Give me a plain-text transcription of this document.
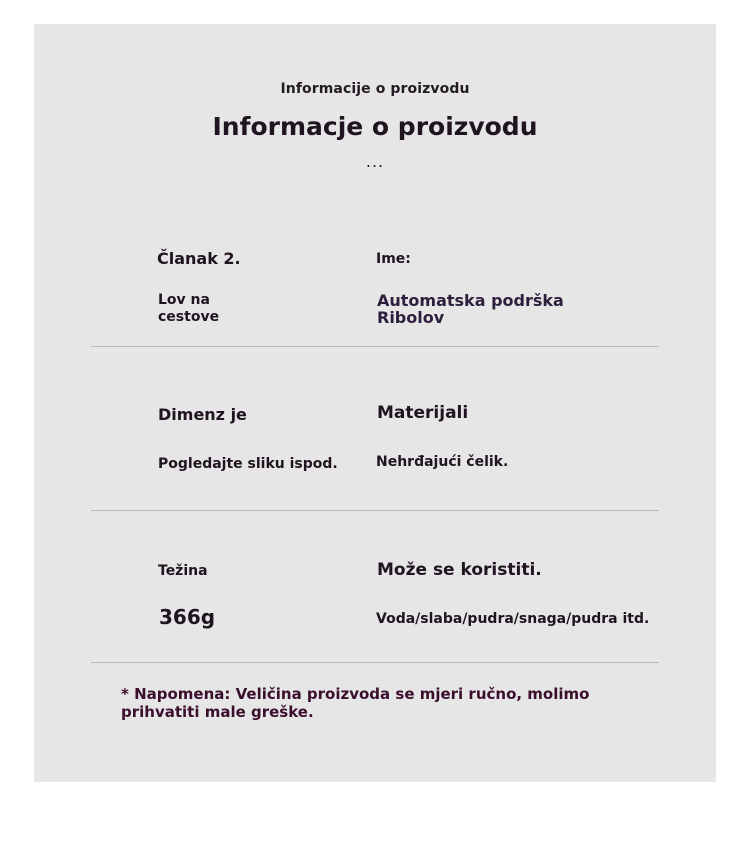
Informacije o proizvodu
Informacje o proizvodu
...
Članak 2.
Lov na cestove
Ime:
Automatska podrška Ribolov
Dimenz je
Pogledajte sliku ispod.
Materijali
Nehrđajući čelik.
Težina
366g
Može se koristiti.
Voda/slaba/pudra/snaga/pudra itd.
* Napomena: Veličina proizvoda se mjeri ručno, molimo prihvatiti male greške.
